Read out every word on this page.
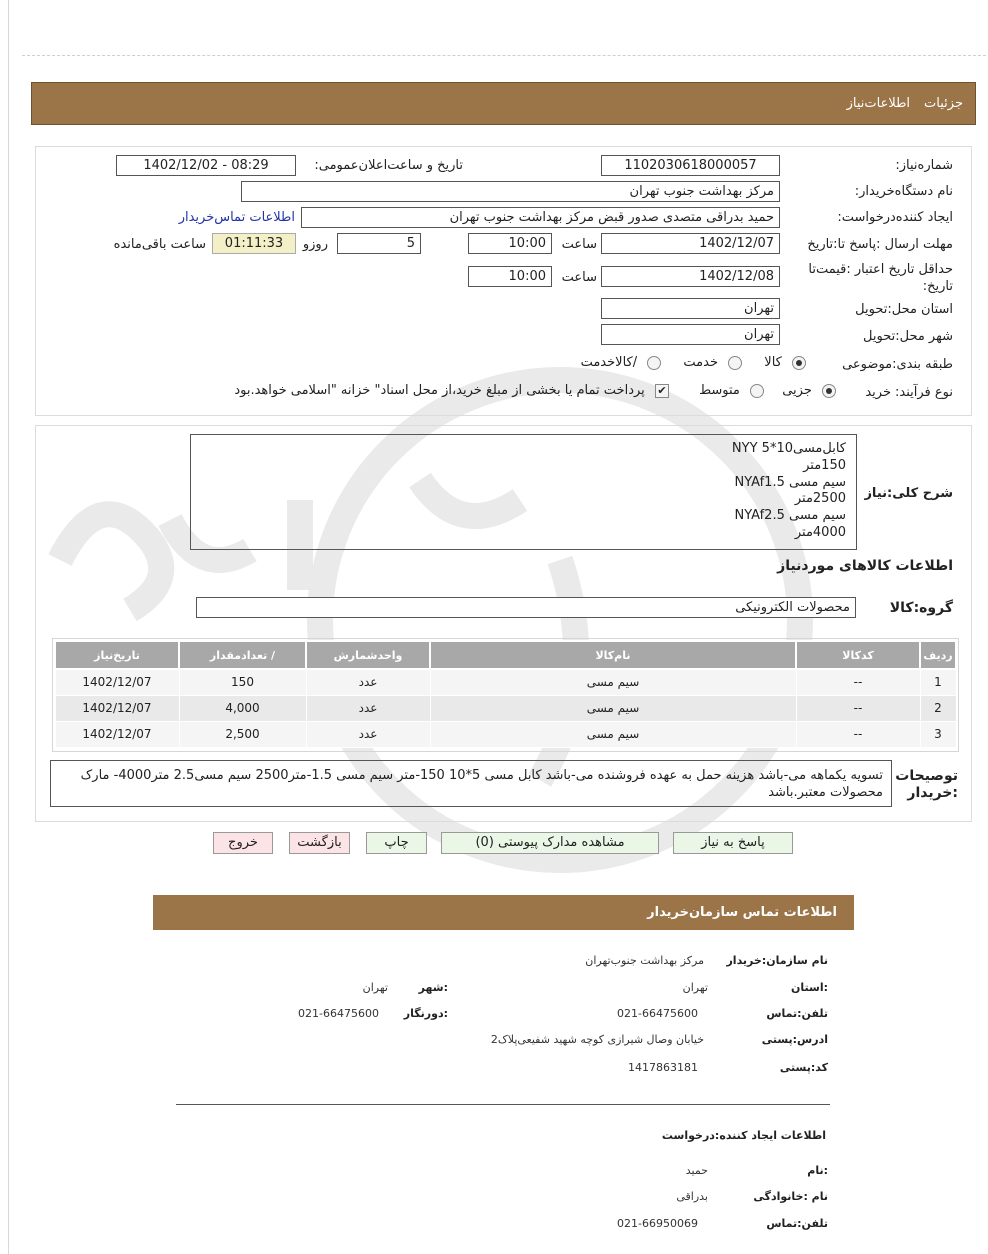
جزئیات
اطلاعات‌نیاز
شماره‌نیاز:
1102030618000057
تاریخ و ساعت‌اعلان‌عمومی:
1402/12/02 - 08:29
نام دستگاه‌خریدار:
مرکز بهداشت جنوب تهران
ایجاد کننده‌درخواست:
حمید بدراقی متصدی صدور قبض مرکز بهداشت جنوب تهران
اطلاعات تماس‌خریدار
مهلت ارسال :پاسخ تا:تاریخ
1402/12/07
ساعت
10:00
5
روزو
01:11:33
ساعت باقی‌مانده
حداقل تاریخ اعتبار :قیمت‌تا تاریخ:
1402/12/08
ساعت
10:00
استان محل:تحویل
تهران
شهر محل:تحویل
تهران
طبقه بندی:موضوعی
کالا  خدمت  /کالاخدمت
نوع فرآیند:
خرید
جزیی  متوسط ✔ پرداخت تمام یا بخشی از مبلغ خرید،از محل اسناد" خزانه "اسلامی خواهد.بود
شرح کلی:نیاز
کابل‌مسی‌10*5 NYY
150متر
سیم مسی NYAf1.5
2500متر
سیم مسی NYAf2.5
4000متر
اطلاعات کالاهای موردنیاز
گروه:کالا
محصولات الکترونیکی
ردیف	کدکالا	نام‌کالا	واحدشمارش	/ تعدادمقدار	تاریخ‌نیاز
1	--	سیم مسی	عدد	150	1402/12/07
2	--	سیم مسی	عدد	4,000	1402/12/07
3	--	سیم مسی	عدد	2,500	1402/12/07
توصیحات :خریدار
تسویه یکماهه می-باشد هزینه حمل به عهده فروشنده می-باشد کابل مسی 5*10 150-متر سیم مسی 1.5-متر2500 سیم مسی2.5 متر4000- مارک محصولات معتبر.باشد
پاسخ به نیاز
مشاهده مدارک پیوستی (0)
چاپ
بازگشت
خروج
اطلاعات تماس سازمان‌خریدار
نام سازمان:خریدار
مرکز بهداشت جنوب‌تهران
:استان
تهران
:شهر
تهران
تلفن:تماس
021-66475600
:دورنگار
021-66475600
ادرس:پستی
خیابان وصال شیرازی کوچه شهید شفیعی‌پلاک2
کد:پستی
1417863181
اطلاعات ایجاد کننده:درخواست
:نام
حمید
نام :خانوادگی
بدراقی
تلفن:تماس
021-66950069
